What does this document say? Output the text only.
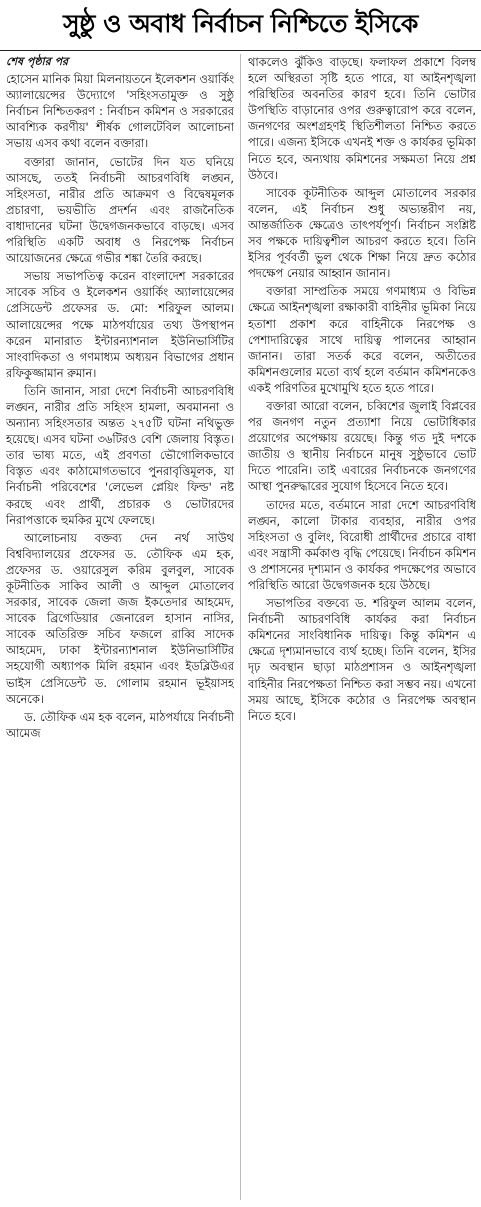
সুষ্ঠু ও অবাধ নির্বাচন নিশ্চিতে ইসিকে
শেষ পৃষ্ঠার পর

হোসেন মানিক মিয়া মিলনায়তনে ইলেকশন ওয়ার্কিং অ্যালায়েন্সের উদ্যোগে 'সহিংসতামুক্ত ও সুষ্ঠু নির্বাচন নিশ্চিতকরণ : নির্বাচন কমিশন ও সরকারের আবশ্যিক করণীয়' শীর্ষক গোলটেবিল আলোচনা সভায় এসব কথা বলেন বক্তারা।

বক্তারা জানান, ভোটের দিন যত ঘনিয়ে আসছে, ততই নির্বাচনী আচরণবিধি লঙ্ঘন, সহিংসতা, নারীর প্রতি আক্রমণ ও বিদ্বেষমূলক প্রচারণা, ভয়ভীতি প্রদর্শন এবং রাজনৈতিক বাধাদানের ঘটনা উদ্বেগজনকভাবে বাড়ছে। এসব পরিস্থিতি একটি অবাধ ও নিরপেক্ষ নির্বাচন আয়োজনের ক্ষেত্রে গভীর শঙ্কা তৈরি করছে।

সভায় সভাপতিত্ব করেন বাংলাদেশ সরকারের সাবেক সচিব ও ইলেকশন ওয়ার্কিং অ্যালায়েন্সের প্রেসিডেন্ট প্রফেসর ড. মো: শরিফুল আলম। আলায়েন্সের পক্ষে মাঠপর্যায়ের তথ্য উপস্থাপন করেন মানারাত ইন্টারন্যাশনাল ইউনিভার্সিটির সাংবাদিকতা ও গণমাধ্যম অধ্যয়ন বিভাগের প্রধান রফিকুজ্জামান রুমান।

তিনি জানান, সারা দেশে নির্বাচনী আচরণবিধি লঙ্ঘন, নারীর প্রতি সহিংস হামলা, অবমাননা ও অন্যান্য সহিংসতার অন্তত ২৭৫টি ঘটনা নথিভুক্ত হয়েছে। এসব ঘটনা ৩৬টিরও বেশি জেলায় বিস্তৃত। তার ভাষ্য মতে, এই প্রবণতা ভৌগোলিকভাবে বিস্তৃত এবং কাঠামোগতভাবে পুনরাবৃত্তিমূলক, যা নির্বাচনী পরিবেশের 'লেভেল প্লেয়িং ফিল্ড' নষ্ট করছে এবং প্রার্থী, প্রচারক ও ভোটারদের নিরাপত্তাকে হুমকির মুখে ফেলছে।

আলোচনায় বক্তব্য দেন নর্থ সাউথ বিশ্ববিদ্যালয়ের প্রফেসর ড. তৌফিক এম হক, প্রফেসর ড. ওয়ারেসুল করিম বুলবুল, সাবেক কূটনীতিক সাকিব আলী ও আব্দুল মোতালেব সরকার, সাবেক জেলা জজ ইকতেদার আহমেদ, সাবেক ব্রিগেডিয়ার জেনারেল হাসান নাসির, সাবেক অতিরিক্ত সচিব ফজলে রাব্বি সাদেক আহমেদ, ঢাকা ইন্টারন্যাশনাল ইউনিভার্সিটির সহযোগী অধ্যাপক মিলি রহমান এবং ইডব্লিউএর ভাইস প্রেসিডেন্ট ড. গোলাম রহমান ভূইয়াসহ অনেকে।

ড. তৌফিক এম হক বলেন, মাঠপর্যায়ে নির্বাচনী আমেজ

থাকলেও ঝুঁকিও বাড়ছে। ফলাফল প্রকাশে বিলম্ব হলে অস্থিরতা সৃষ্টি হতে পারে, যা আইনশৃঙ্খলা পরিস্থিতির অবনতির কারণ হবে। তিনি ভোটার উপস্থিতি বাড়ানোর ওপর গুরুত্বারোপ করে বলেন, জনগণের অংশগ্রহণই স্থিতিশীলতা নিশ্চিত করতে পারে। এজন্য ইসিকে এখনই শক্ত ও কার্যকর ভূমিকা নিতে হবে, অন্যথায় কমিশনের সক্ষমতা নিয়ে প্রশ্ন উঠবে।

সাবেক কূটনীতিক আব্দুল মোতালেব সরকার বলেন, এই নির্বাচন শুধু অভ্যন্তরীণ নয়, আন্তর্জাতিক ক্ষেত্রেও তাৎপর্যপূর্ণ। নির্বাচন সংশ্লিষ্ট সব পক্ষকে দায়িত্বশীল আচরণ করতে হবে। তিনি ইসির পূর্ববর্তী ভুল থেকে শিক্ষা নিয়ে দ্রুত কঠোর পদক্ষেপ নেয়ার আহ্বান জানান।

বক্তারা সাম্প্রতিক সময়ে গণমাধ্যম ও বিভিন্ন ক্ষেত্রে আইনশৃঙ্খলা রক্ষাকারী বাহিনীর ভূমিকা নিয়ে হতাশা প্রকাশ করে বাহিনীকে নিরপেক্ষ ও পেশাদারিত্বের সাথে দায়িত্ব পালনের আহ্বান জানান। তারা সতর্ক করে বলেন, অতীতের কমিশনগুলোর মতো ব্যর্থ হলে বর্তমান কমিশনকেও একই পরিণতির মুখোমুখি হতে হতে পারে।

বক্তারা আরো বলেন, চব্বিশের জুলাই বিপ্লবের পর জনগণ নতুন প্রত্যাশা নিয়ে ভোটাধিকার প্রয়োগের অপেক্ষায় রয়েছে। কিন্তু গত দুই দশকে জাতীয় ও স্থানীয় নির্বাচনে মানুষ সুষ্ঠুভাবে ভোট দিতে পারেনি। তাই এবারের নির্বাচনকে জনগণের আস্থা পুনরুদ্ধারের সুযোগ হিসেবে নিতে হবে।

তাদের মতে, বর্তমানে সারা দেশে আচরণবিধি লঙ্ঘন, কালো টাকার ব্যবহার, নারীর ওপর সহিংসতা ও বুলিং, বিরোধী প্রার্থীদের প্রচারে বাধা এবং সন্ত্রাসী কর্মকাণ্ড বৃদ্ধি পেয়েছে। নির্বাচন কমিশন ও প্রশাসনের দৃশ্যমান ও কার্যকর পদক্ষেপের অভাবে পরিস্থিতি আরো উদ্বেগজনক হয়ে উঠছে।

সভাপতির বক্তব্যে ড. শরিফুল আলম বলেন, নির্বাচনী আচরণবিধি কার্যকর করা নির্বাচন কমিশনের সাংবিধানিক দায়িত্ব। কিন্তু কমিশন এ ক্ষেত্রে দৃশ্যমানভাবে ব্যর্থ হচ্ছে। তিনি বলেন, ইসির দৃঢ় অবস্থান ছাড়া মাঠপ্রশাসন ও আইনশৃঙ্খলা বাহিনীর নিরপেক্ষতা নিশ্চিত করা সম্ভব নয়। এখনো সময় আছে, ইসিকে কঠোর ও নিরপেক্ষ অবস্থান নিতে হবে।
